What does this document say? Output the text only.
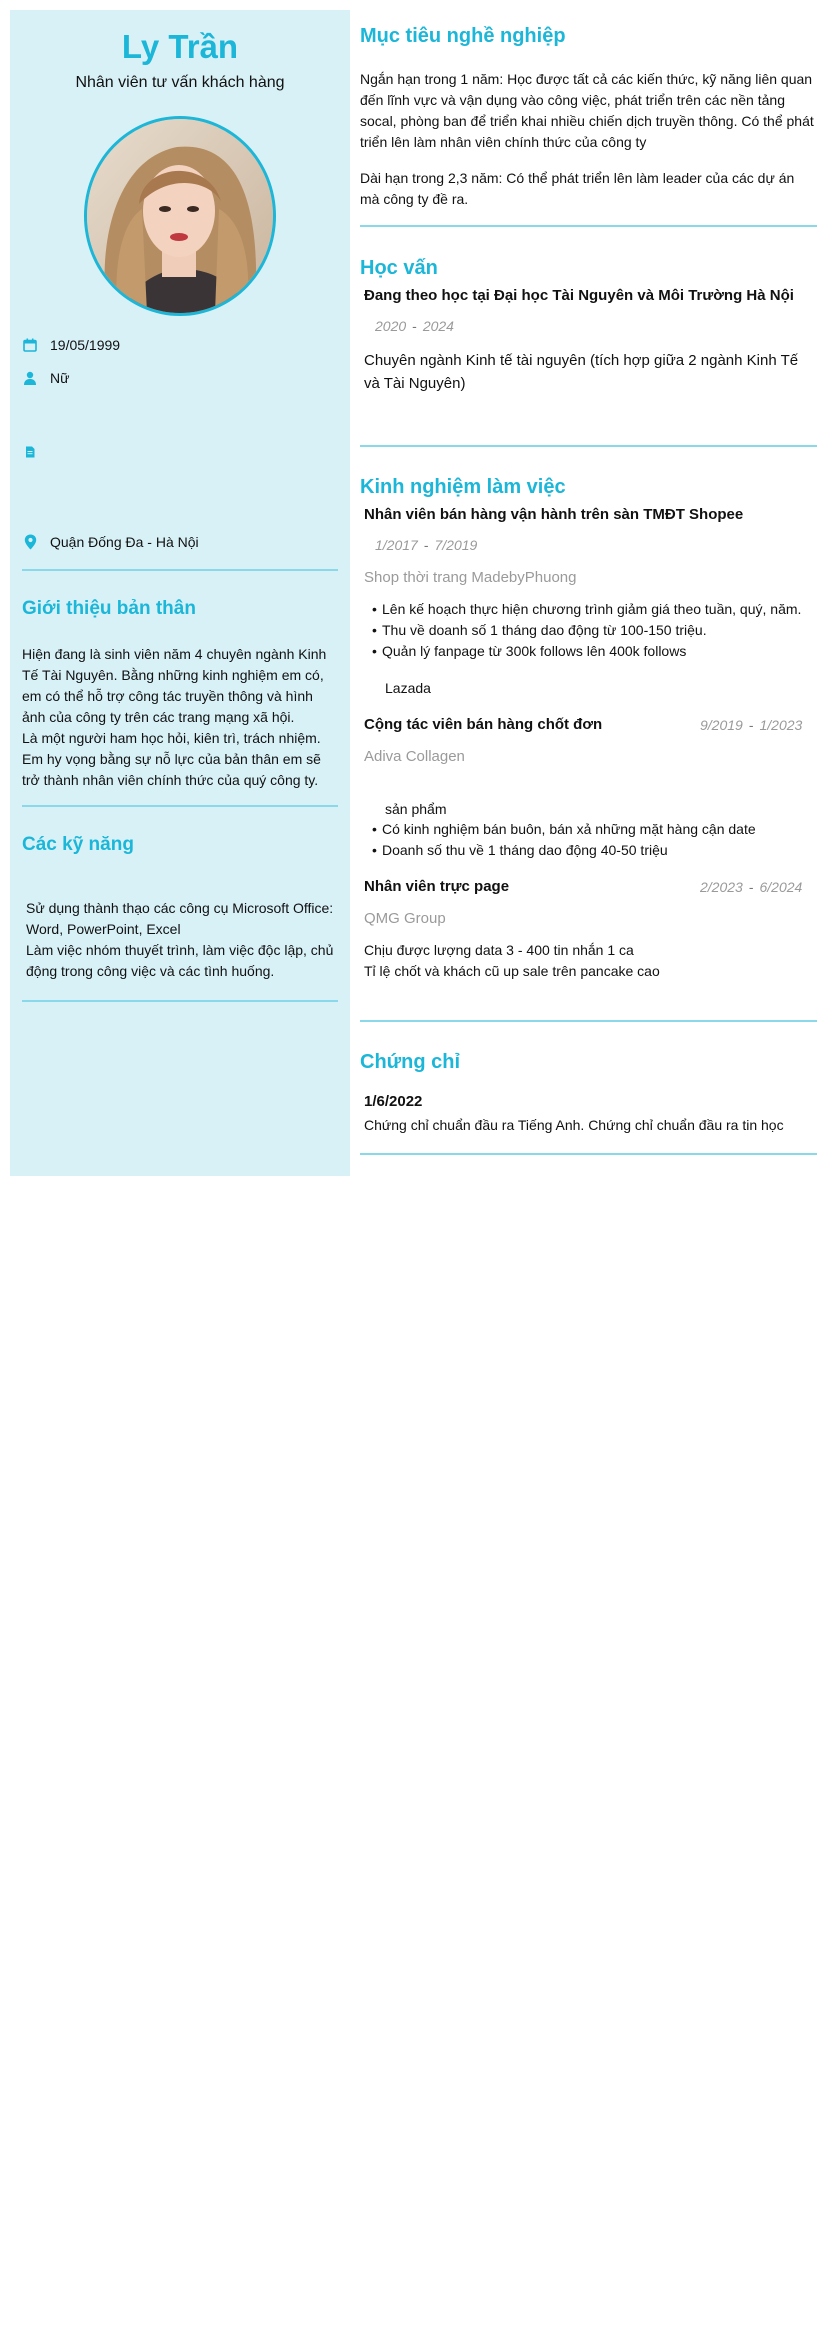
Ly Trần
Nhân viên tư vấn khách hàng
19/05/1999
Nữ
Quận Đống Đa - Hà Nội
Giới thiệu bản thân
Hiện đang là sinh viên năm 4 chuyên ngành Kinh Tế Tài Nguyên. Bằng những kinh nghiệm em có, em có thể hỗ trợ công tác truyền thông và hình ảnh của công ty trên các trang mạng xã hội.
Là một người ham học hỏi, kiên trì, trách nhiệm. Em hy vọng bằng sự nỗ lực của bản thân em sẽ trở thành nhân viên chính thức của quý công ty.
Các kỹ năng
Sử dụng thành thạo các công cụ Microsoft Office: Word, PowerPoint, Excel
Làm việc nhóm thuyết trình, làm việc độc lập, chủ động trong công việc và các tình huống.
Mục tiêu nghề nghiệp
Ngắn hạn trong 1 năm: Học được tất cả các kiến thức, kỹ năng liên quan đến lĩnh vực và vận dụng vào công việc, phát triển trên các nền tảng socal, phòng ban để triển khai nhiều chiến dịch truyền thông. Có thể phát triển lên làm nhân viên chính thức của công ty
Dài hạn trong 2,3 năm: Có thể phát triển lên làm leader của các dự án mà công ty đề ra.
Học vấn
Đang theo học tại Đại học Tài Nguyên và Môi Trường Hà Nội
2020 - 2024
Chuyên ngành Kinh tế tài nguyên (tích hợp giữa 2 ngành Kinh Tế và Tài Nguyên)
Kinh nghiệm làm việc
Nhân viên bán hàng vận hành trên sàn TMĐT Shopee
1/2017 - 7/2019
Shop thời trang MadebyPhuong
• Lên kế hoạch thực hiện chương trình giảm giá theo tuần, quý, năm.
• Thu về doanh số 1 tháng dao động từ 100-150 triệu.
• Quản lý fanpage từ 300k follows lên 400k follows
Lazada
Cộng tác viên bán hàng chốt đơn	9/2019 - 1/2023
Adiva Collagen
sản phẩm
• Có kinh nghiệm bán buôn, bán xả những mặt hàng cận date
• Doanh số thu về 1 tháng dao động 40-50 triệu
Nhân viên trực page	2/2023 - 6/2024
QMG Group
Chịu được lượng data 3 - 400 tin nhắn 1 ca
Tỉ lệ chốt và khách cũ up sale trên pancake cao
Chứng chỉ
1/6/2022
Chứng chỉ chuẩn đầu ra Tiếng Anh. Chứng chỉ chuẩn đầu ra tin học
